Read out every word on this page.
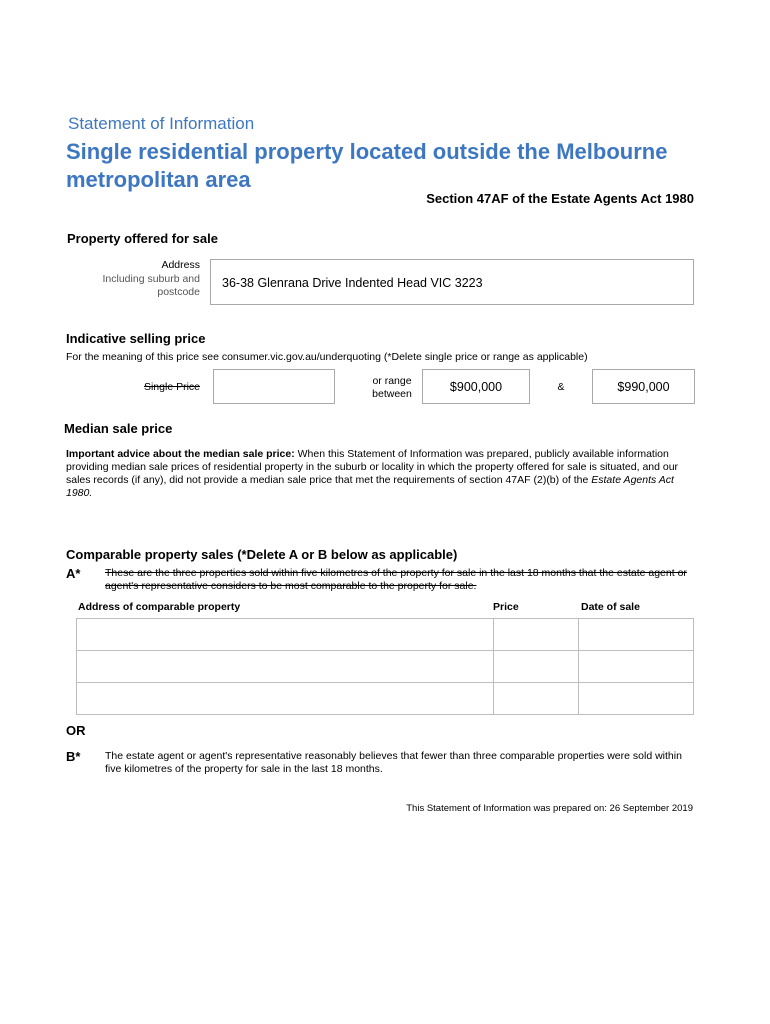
Statement of Information
Single residential property located outside the Melbourne metropolitan area
Section 47AF of the Estate Agents Act 1980
Property offered for sale
Address
Including suburb and postcode
36-38 Glenrana Drive Indented Head VIC 3223
Indicative selling price
For the meaning of this price see consumer.vic.gov.au/underquoting (*Delete single price or range as applicable)
Single Price	or range between	$900,000	&	$990,000
Median sale price
Important advice about the median sale price: When this Statement of Information was prepared, publicly available information providing median sale prices of residential property in the suburb or locality in which the property offered for sale is situated, and our sales records (if any), did not provide a median sale price that met the requirements of section 47AF (2)(b) of the Estate Agents Act 1980.
Comparable property sales (*Delete A or B below as applicable)
A* These are the three properties sold within five kilometres of the property for sale in the last 18 months that the estate agent or agent's representative considers to be most comparable to the property for sale.
Address of comparable property	Price	Date of sale

OR
B* The estate agent or agent's representative reasonably believes that fewer than three comparable properties were sold within five kilometres of the property for sale in the last 18 months.
This Statement of Information was prepared on: 26 September 2019
